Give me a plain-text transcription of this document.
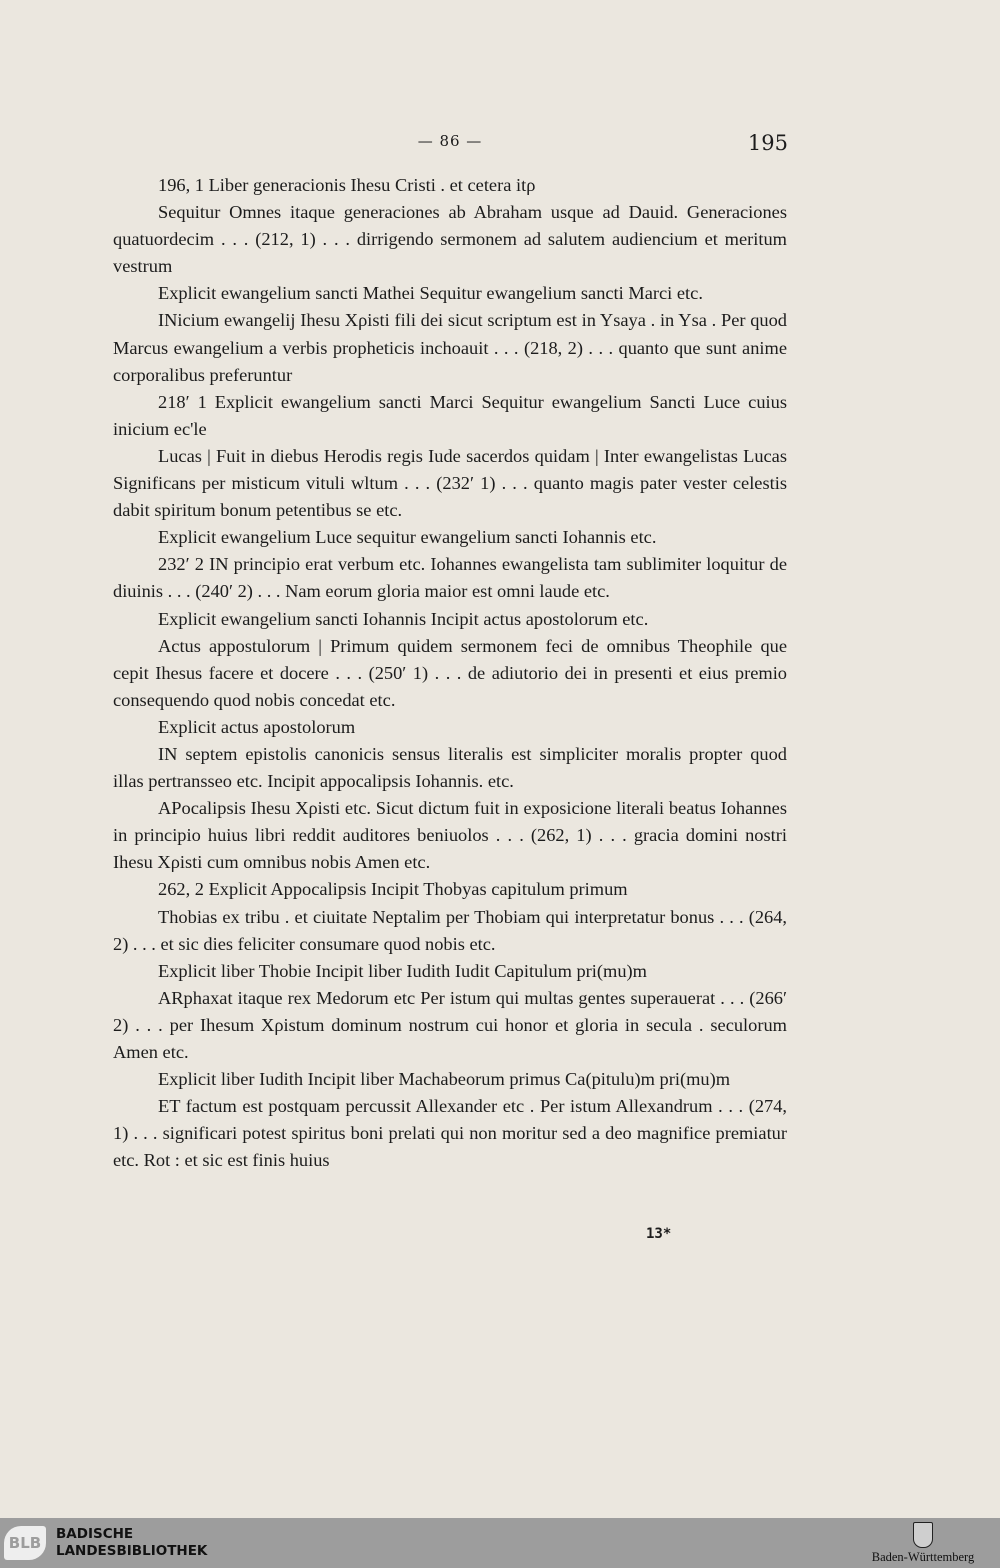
— 86 —	195

196, 1 Liber generacionis Ihesu Cristi . et cetera itρ

Sequitur Omnes itaque generaciones ab Abraham usque ad Dauid. Generaciones quatuordecim . . . (212, 1) . . . dirrigendo sermonem ad salutem audiencium et meritum vestrum

Explicit ewangelium sancti Mathei Sequitur ewangelium sancti Marci etc.

INicium ewangelij Ihesu Xρisti fili dei sicut scriptum est in Ysaya . in Ysa . Per quod Marcus ewangelium a verbis propheticis inchoauit . . . (218, 2) . . . quanto que sunt anime corporalibus preferuntur

218′ 1 Explicit ewangelium sancti Marci Sequitur ewangelium Sancti Luce cuius inicium ec'le

Lucas | Fuit in diebus Herodis regis Iude sacerdos quidam | Inter ewangelistas Lucas Significans per misticum vituli wltum . . . (232′ 1) . . . quanto magis pater vester celestis dabit spiritum bonum petentibus se etc.

Explicit ewangelium Luce sequitur ewangelium sancti Iohannis etc.

232′ 2 IN principio erat verbum etc. Iohannes ewangelista tam sublimiter loquitur de diuinis . . . (240′ 2) . . . Nam eorum gloria maior est omni laude etc.

Explicit ewangelium sancti Iohannis Incipit actus apostolorum etc.

Actus appostulorum | Primum quidem sermonem feci de omnibus Theophile que cepit Ihesus facere et docere . . . (250′ 1) . . . de adiutorio dei in presenti et eius premio consequendo quod nobis concedat etc.

Explicit actus apostolorum

IN septem epistolis canonicis sensus literalis est simpliciter moralis propter quod illas pertransseo etc. Incipit appocalipsis Iohannis. etc.

APocalipsis Ihesu Xρisti etc. Sicut dictum fuit in exposicione literali beatus Iohannes in principio huius libri reddit auditores beniuolos . . . (262, 1) . . . gracia domini nostri Ihesu Xρisti cum omnibus nobis Amen etc.

262, 2 Explicit Appocalipsis Incipit Thobyas capitulum primum

Thobias ex tribu . et ciuitate Neptalim per Thobiam qui interpretatur bonus . . . (264, 2) . . . et sic dies feliciter consumare quod nobis etc.

Explicit liber Thobie Incipit liber Iudith Iudit Capitulum pri(mu)m

ARphaxat itaque rex Medorum etc Per istum qui multas gentes superauerat . . . (266′ 2) . . . per Ihesum Xρistum dominum nostrum cui honor et gloria in secula . seculorum Amen etc.

Explicit liber Iudith Incipit liber Machabeorum primus Ca(pitulu)m pri(mu)m

ET factum est postquam percussit Allexander etc . Per istum Allexandrum . . . (274, 1) . . . significari potest spiritus boni prelati qui non moritur sed a deo magnifice premiatur etc. Rot : et sic est finis huius

13*
BLB	BADISCHE
LANDESBIBLIOTHEK	Baden-Württemberg
